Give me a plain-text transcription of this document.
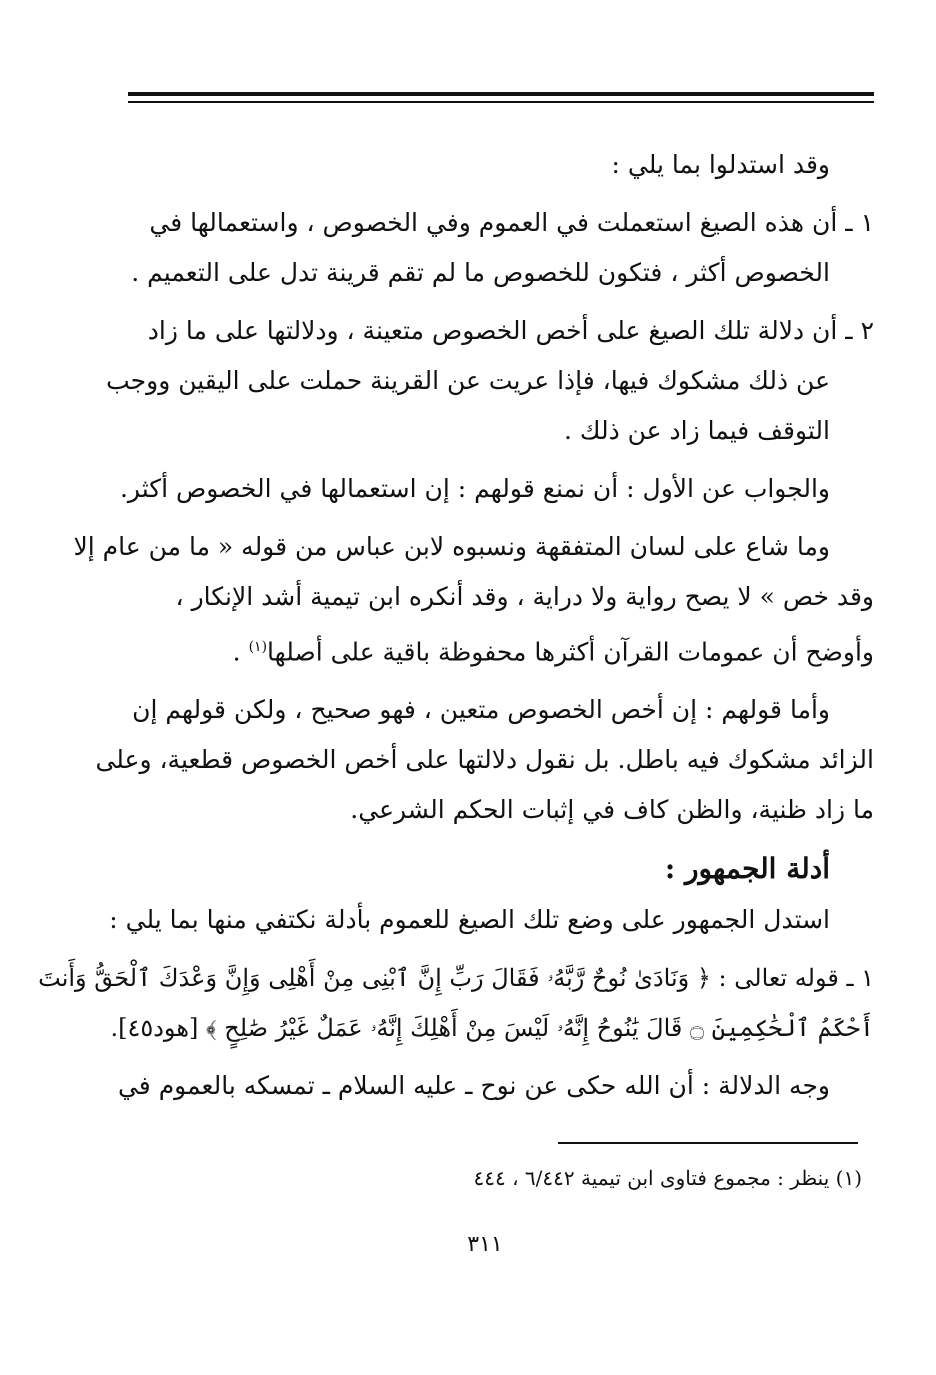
وقد استدلوا بما يلي :
١ ـ أن هذه الصيغ استعملت في العموم وفي الخصوص ، واستعمالها في
الخصوص أكثر ، فتكون للخصوص ما لم تقم قرينة تدل على التعميم .
٢ ـ أن دلالة تلك الصيغ على أخص الخصوص متعينة ، ودلالتها على ما زاد
عن ذلك مشكوك فيها، فإذا عريت عن القرينة حملت على اليقين ووجب
التوقف فيما زاد عن ذلك .
والجواب عن الأول : أن نمنع قولهم : إن استعمالها في الخصوص أكثر.
وما شاع على لسان المتفقهة ونسبوه لابن عباس من قوله « ما من عام إلا
وقد خص » لا يصح رواية ولا دراية ، وقد أنكره ابن تيمية أشد الإنكار ،
وأوضح أن عمومات القرآن أكثرها محفوظة باقية على أصلها$^{(١)}$ .
وأما قولهم : إن أخص الخصوص متعين ، فهو صحيح ، ولكن قولهم إن
الزائد مشكوك فيه باطل. بل نقول دلالتها على أخص الخصوص قطعية، وعلى
ما زاد ظنية، والظن كاف في إثبات الحكم الشرعي.
أدلة الجمهور :
استدل الجمهور على وضع تلك الصيغ للعموم بأدلة نكتفي منها بما يلي :
١ ـ قوله تعالى : ﴿ وَنَادَىٰ نُوحٌ رَّبَّهُۥ فَقَالَ رَبِّ إِنَّ ٱبْنِى مِنْ أَهْلِى وَإِنَّ وَعْدَكَ ٱلْحَقُّ وَأَنتَ
أَحْكَمُ ٱلْحَٰكِمِينَ ۝ قَالَ يَٰنُوحُ إِنَّهُۥ لَيْسَ مِنْ أَهْلِكَ إِنَّهُۥ عَمَلٌ غَيْرُ صَٰلِحٍ ﴾ [هود٤٥].
وجه الدلالة : أن الله حكى عن نوح ـ عليه السلام ـ تمسكه بالعموم في
(١) ينظر : مجموع فتاوى ابن تيمية ٦/٤٤٢ ، ٤٤٤
٣١١
